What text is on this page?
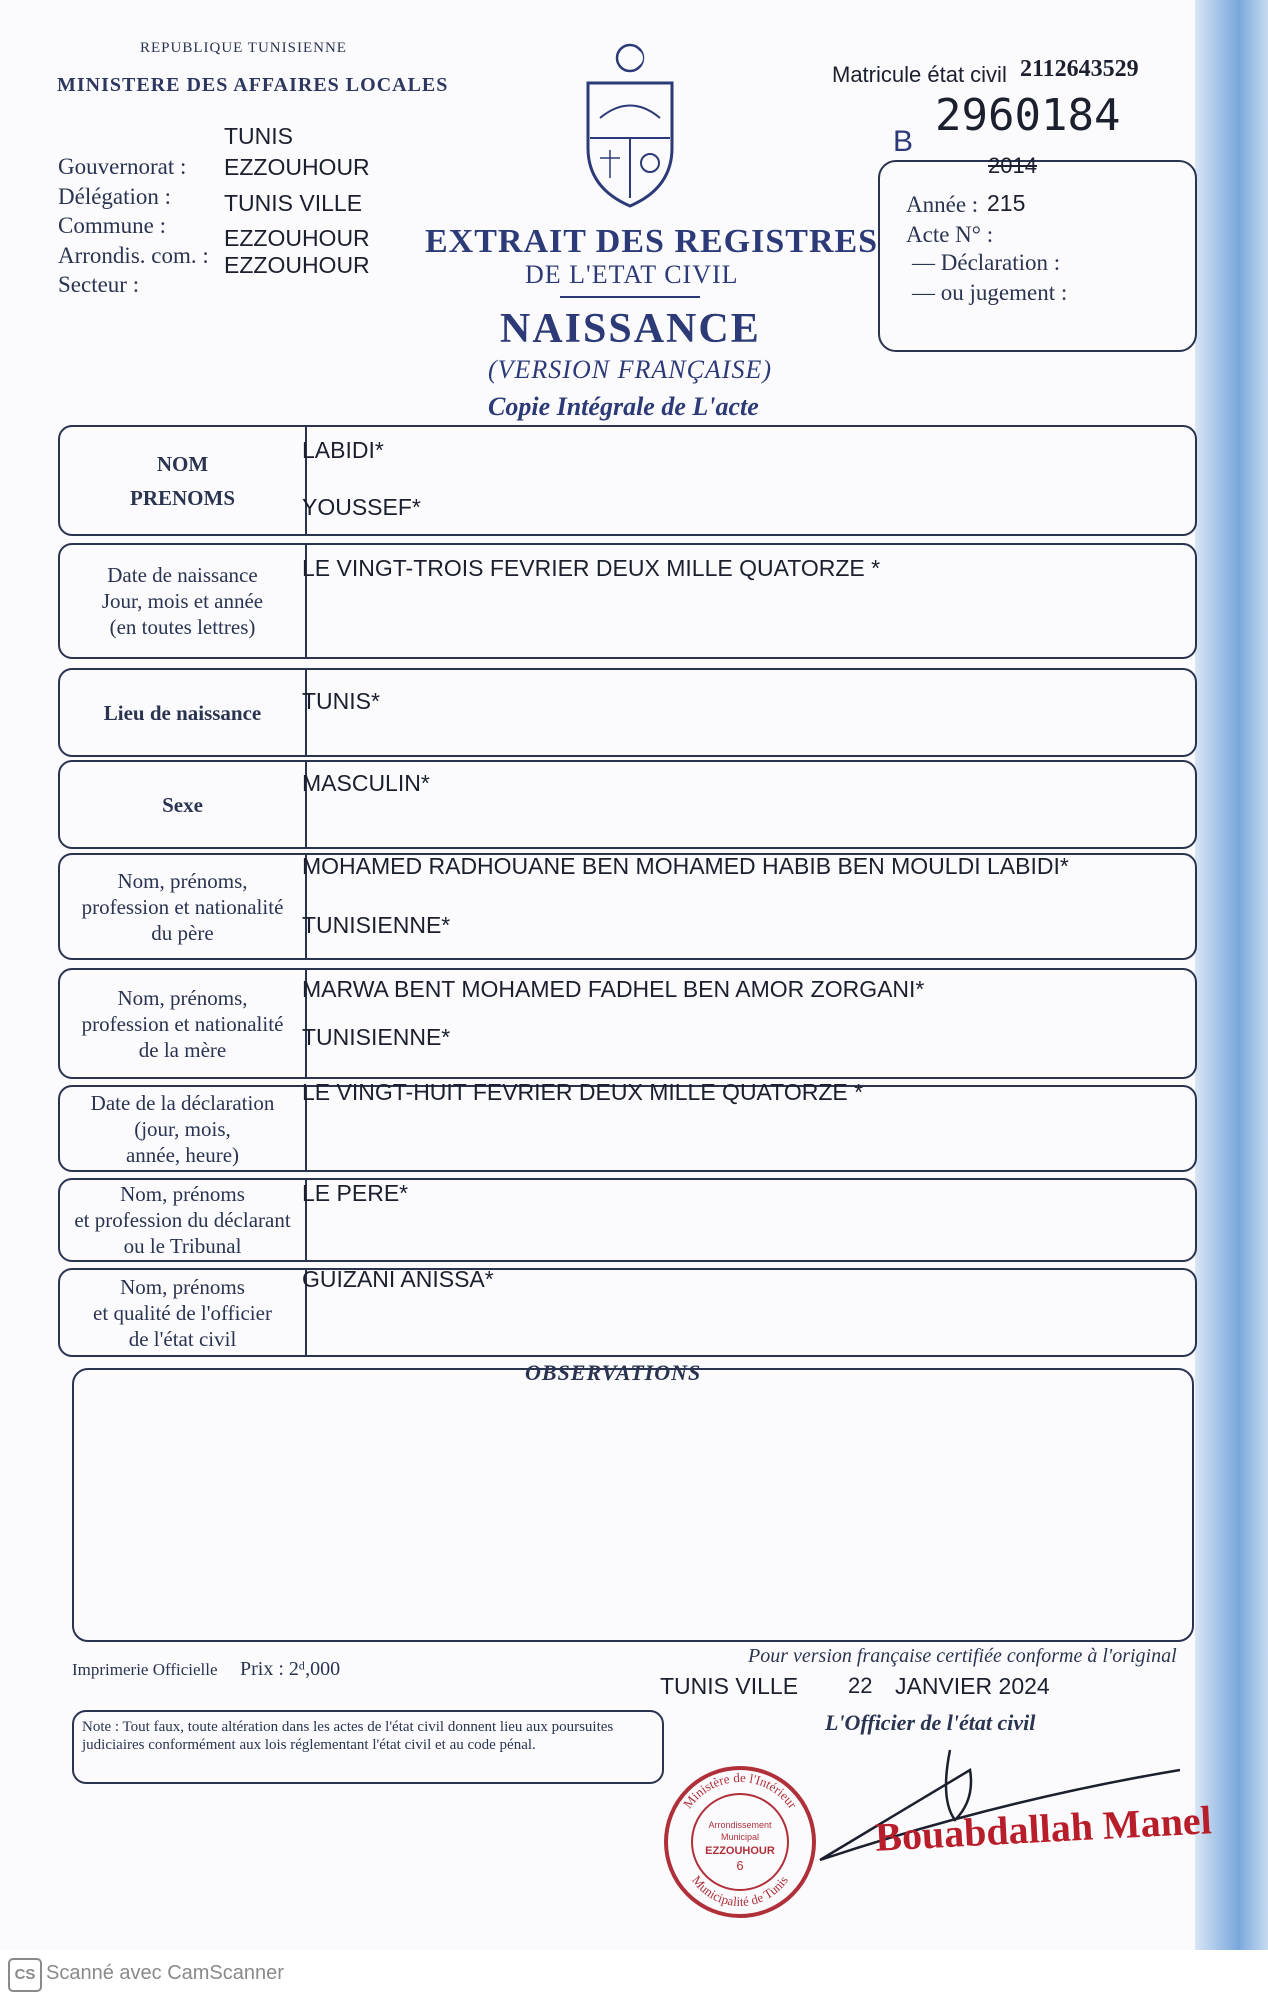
REPUBLIQUE TUNISIENNE
MINISTERE DES AFFAIRES LOCALES
Gouvernorat :
Délégation :
Commune :
Arrondis. com. :
Secteur :
TUNIS
EZZOUHOUR
TUNIS VILLE
EZZOUHOUR
EZZOUHOUR
EXTRAIT DES REGISTRES
DE L'ETAT CIVIL
NAISSANCE
(VERSION FRANÇAISE)
Copie Intégrale de L'acte
Matricule état civil 2112643529
B
2960184
2014
Année : 215
Acte N° :
— Déclaration :
— ou jugement :
NOM
PRENOMS
LABIDI*
YOUSSEF*
Date de naissance
Jour, mois et année
(en toutes lettres)
LE VINGT-TROIS FEVRIER DEUX MILLE QUATORZE *
Lieu de naissance	TUNIS*
Sexe
MASCULIN*
Nom, prénoms,
profession et nationalité
du père
MOHAMED RADHOUANE BEN MOHAMED HABIB BEN MOULDI LABIDI*
TUNISIENNE*
Nom, prénoms,
profession et nationalité
de la mère
MARWA BENT MOHAMED FADHEL BEN AMOR ZORGANI*
TUNISIENNE*
Date de la déclaration
(jour, mois,
année, heure)
LE VINGT-HUIT FEVRIER DEUX MILLE QUATORZE *
Nom, prénoms
et profession du déclarant
ou le Tribunal
LE PERE*
Nom, prénoms
et qualité de l'officier
de l'état civil
GUIZANI ANISSA*
OBSERVATIONS
Imprimerie Officielle Prix : 2ᵈ,000
Pour version française certifiée conforme à l'original
TUNIS VILLE 22 JANVIER 2024
L'Officier de l'état civil
Note : Tout faux, toute altération dans les actes de l'état civil donnent lieu aux poursuites judiciaires conformément aux lois réglementant l'état civil et au code pénal.
Ministère de l'Intérieur
Municipalité de Tunis
Arrondissement
Municipal
EZZOUHOUR
6
Bouabdallah Manel
CS Scanné avec CamScanner
